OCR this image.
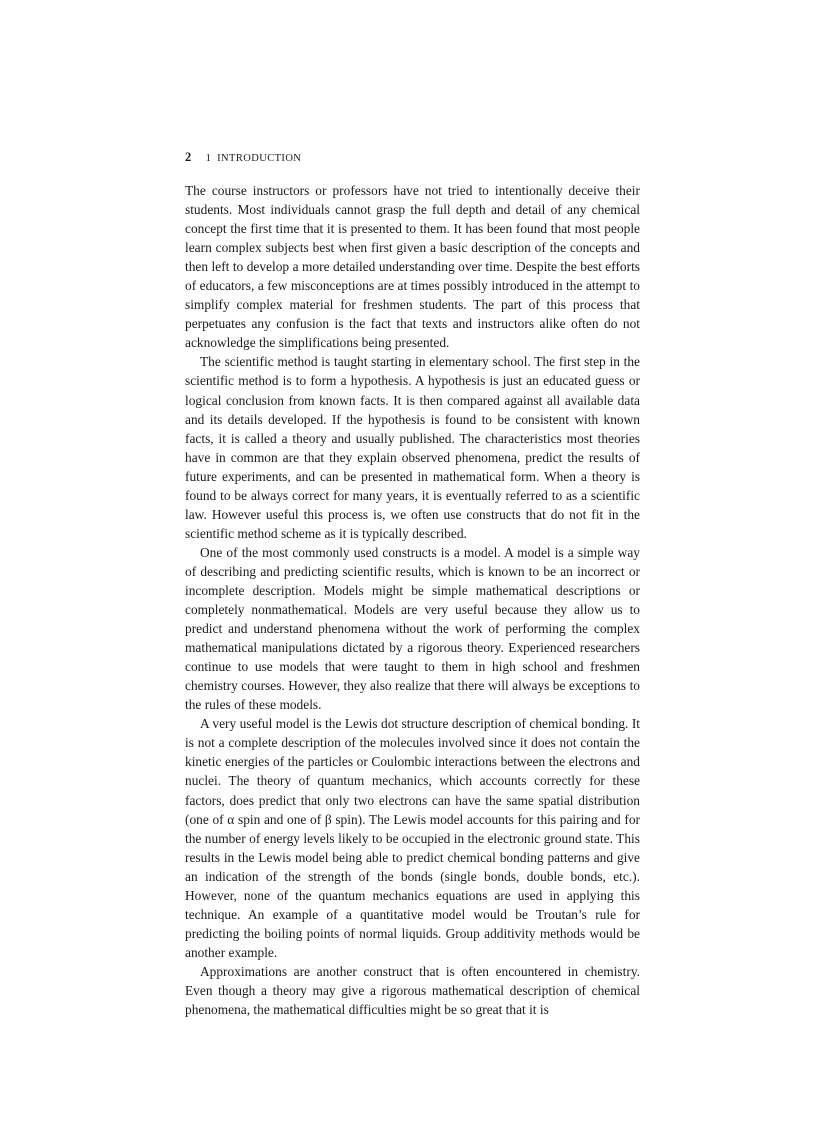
2 1 INTRODUCTION

The course instructors or professors have not tried to intentionally deceive their students. Most individuals cannot grasp the full depth and detail of any chemical concept the first time that it is presented to them. It has been found that most people learn complex subjects best when first given a basic description of the concepts and then left to develop a more detailed understanding over time. Despite the best efforts of educators, a few misconceptions are at times possibly introduced in the attempt to simplify complex material for freshmen students. The part of this process that perpetuates any confusion is the fact that texts and instructors alike often do not acknowledge the simplifications being presented.

The scientific method is taught starting in elementary school. The first step in the scientific method is to form a hypothesis. A hypothesis is just an educated guess or logical conclusion from known facts. It is then compared against all available data and its details developed. If the hypothesis is found to be consistent with known facts, it is called a theory and usually published. The characteristics most theories have in common are that they explain observed phenomena, predict the results of future experiments, and can be presented in mathematical form. When a theory is found to be always correct for many years, it is eventually referred to as a scientific law. However useful this process is, we often use constructs that do not fit in the scientific method scheme as it is typically described.

One of the most commonly used constructs is a model. A model is a simple way of describing and predicting scientific results, which is known to be an incorrect or incomplete description. Models might be simple mathematical descriptions or completely nonmathematical. Models are very useful because they allow us to predict and understand phenomena without the work of performing the complex mathematical manipulations dictated by a rigorous theory. Experienced researchers continue to use models that were taught to them in high school and freshmen chemistry courses. However, they also realize that there will always be exceptions to the rules of these models.

A very useful model is the Lewis dot structure description of chemical bonding. It is not a complete description of the molecules involved since it does not contain the kinetic energies of the particles or Coulombic interactions between the electrons and nuclei. The theory of quantum mechanics, which accounts correctly for these factors, does predict that only two electrons can have the same spatial distribution (one of α spin and one of β spin). The Lewis model accounts for this pairing and for the number of energy levels likely to be occupied in the electronic ground state. This results in the Lewis model being able to predict chemical bonding patterns and give an indication of the strength of the bonds (single bonds, double bonds, etc.). However, none of the quantum mechanics equations are used in applying this technique. An example of a quantitative model would be Troutan’s rule for predicting the boiling points of normal liquids. Group additivity methods would be another example.

Approximations are another construct that is often encountered in chemistry. Even though a theory may give a rigorous mathematical description of chemical phenomena, the mathematical difficulties might be so great that it is
